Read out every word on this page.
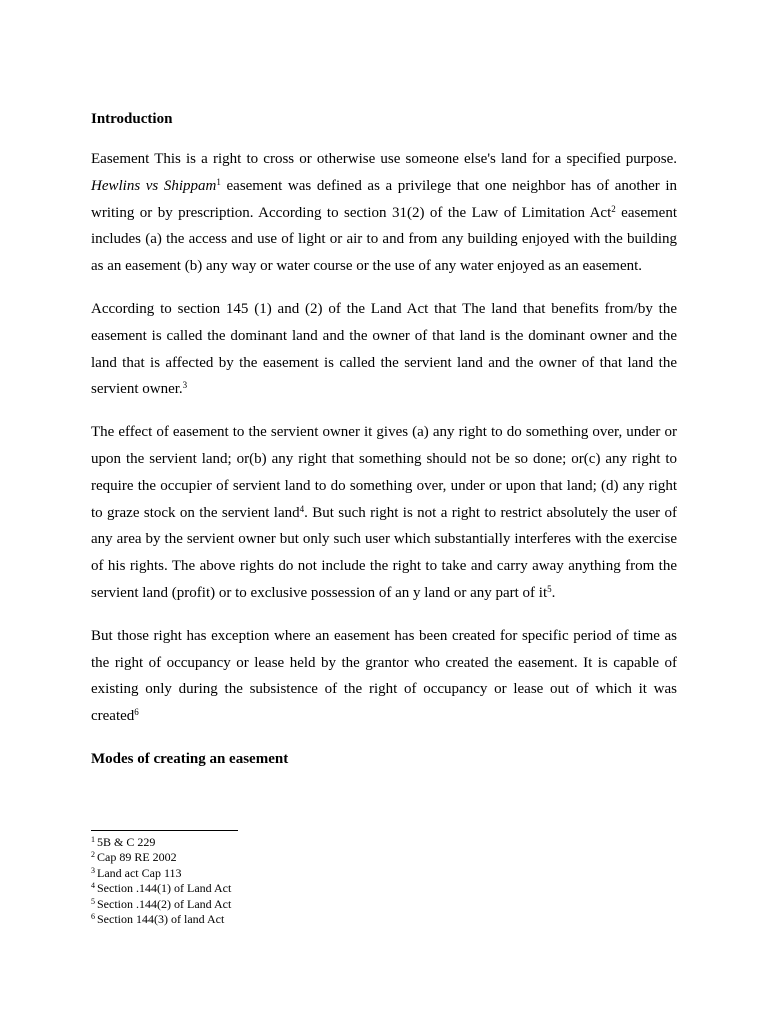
Introduction

Easement This is a right to cross or otherwise use someone else's land for a specified purpose. Hewlins vs Shippam$^1$ easement was defined as a privilege that one neighbor has of another in writing or by prescription. According to section 31(2) of the Law of Limitation Act$^2$ easement includes (a) the access and use of light or air to and from any building enjoyed with the building as an easement (b) any way or water course or the use of any water enjoyed as an easement.

According to section 145 (1) and (2) of the Land Act that The land that benefits from/by the easement is called the dominant land and the owner of that land is the dominant owner and the land that is affected by the easement is called the servient land and the owner of that land the servient owner.$^3$

The effect of easement to the servient owner it gives (a) any right to do something over, under or upon the servient land; or(b) any right that something should not be so done; or(c) any right to require the occupier of servient land to do something over, under or upon that land; (d) any right to graze stock on the servient land$^4$. But such right is not a right to restrict absolutely the user of any area by the servient owner but only such user which substantially interferes with the exercise of his rights. The above rights do not include the right to take and carry away anything from the servient land (profit) or to exclusive possession of an y land or any part of $it^5$.

But those right has exception where an easement has been created for specific period of time as the right of occupancy or lease held by the grantor who created the easement. It is capable of existing only during the subsistence of the right of occupancy or lease out of which it was created$^6$

Modes of creating an easement
$^1$ 5B & C 229
$^2$ Cap 89 RE 2002
$^3$ Land act Cap 113
$^4$ Section .144(1) of Land Act
$^5$ Section .144(2) of Land Act
$^6$ Section 144(3) of land Act
